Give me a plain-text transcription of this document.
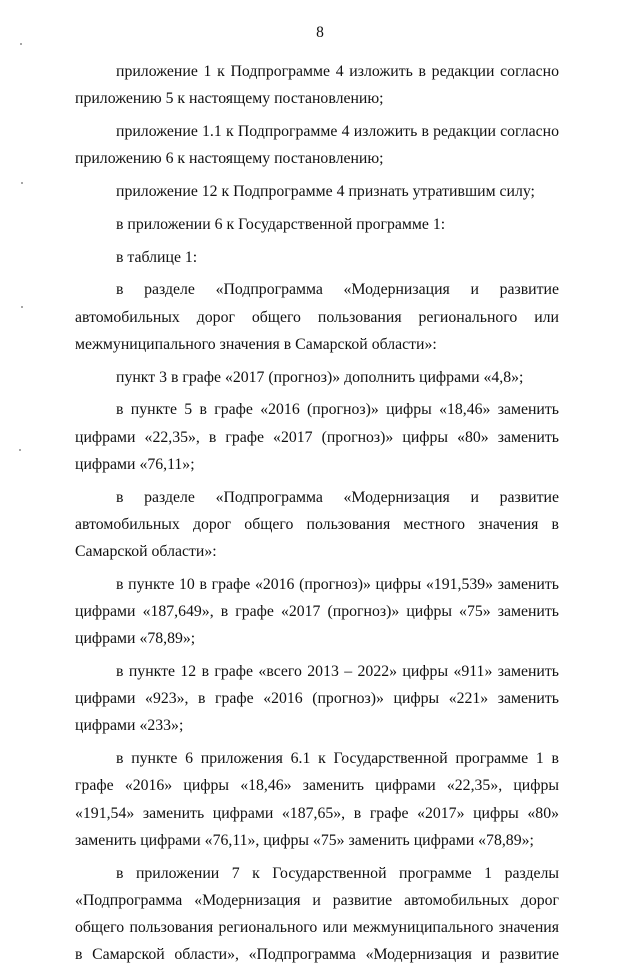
8

приложение 1 к Подпрограмме 4 изложить в редакции согласно приложению 5 к настоящему постановлению;

приложение 1.1 к Подпрограмме 4 изложить в редакции согласно приложению 6 к настоящему постановлению;

приложение 12 к Подпрограмме 4 признать утратившим силу;

в приложении 6 к Государственной программе 1:

в таблице 1:

в разделе «Подпрограмма «Модернизация и развитие автомобильных дорог общего пользования регионального или межмуниципального значения в Самарской области»:

пункт 3 в графе «2017 (прогноз)» дополнить цифрами «4,8»;

в пункте 5 в графе «2016 (прогноз)» цифры «18,46» заменить цифрами «22,35», в графе «2017 (прогноз)» цифры «80» заменить цифрами «76,11»;

в разделе «Подпрограмма «Модернизация и развитие автомобильных дорог общего пользования местного значения в Самарской области»:

в пункте 10 в графе «2016 (прогноз)» цифры «191,539» заменить цифрами «187,649», в графе «2017 (прогноз)» цифры «75» заменить цифрами «78,89»;

в пункте 12 в графе «всего 2013 – 2022» цифры «911» заменить цифрами «923», в графе «2016 (прогноз)» цифры «221» заменить цифрами «233»;

в пункте 6 приложения 6.1 к Государственной программе 1 в графе «2016» цифры «18,46» заменить цифрами «22,35», цифры «191,54» заменить цифрами «187,65», в графе «2017» цифры «80» заменить цифрами «76,11», цифры «75» заменить цифрами «78,89»;

в приложении 7 к Государственной программе 1 разделы «Подпрограмма «Модернизация и развитие автомобильных дорог общего пользования регионального или межмуниципального значения в Самарской области», «Подпрограмма «Модернизация и развитие
